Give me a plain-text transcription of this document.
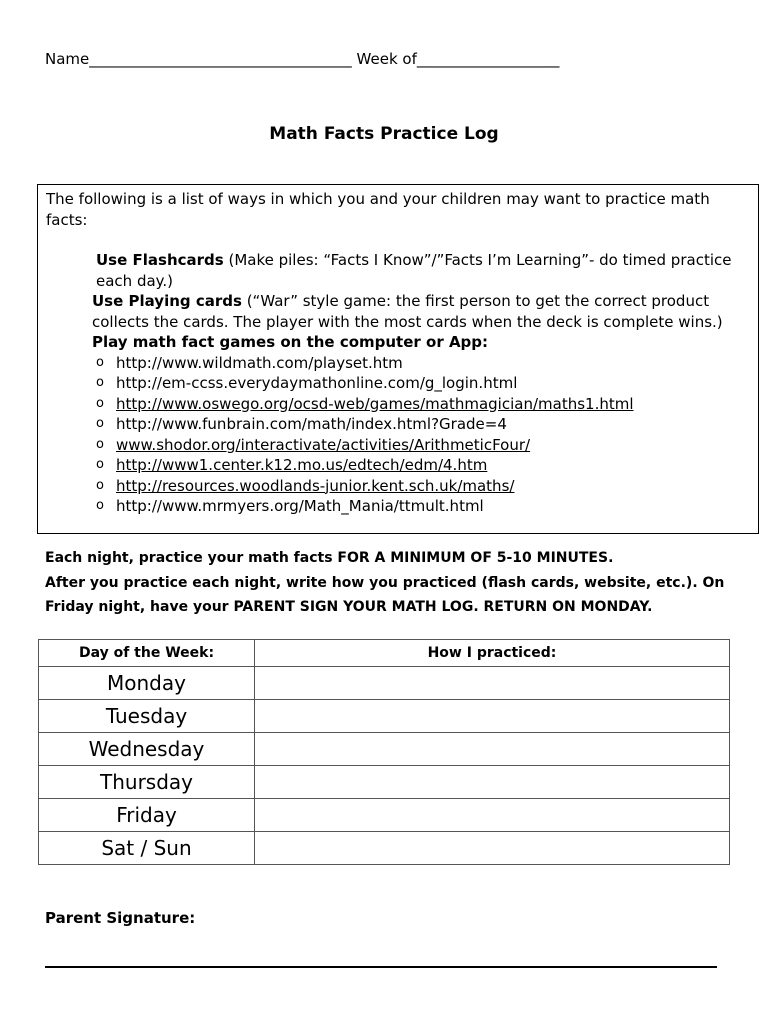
Name___________________________________ Week of___________________
Math Facts Practice Log
The following is a list of ways in which you and your children may want to practice math facts:
Use Flashcards (Make piles: “Facts I Know”/”Facts I’m Learning”- do timed practice each day.)
Use Playing cards (“War” style game: the first person to get the correct product collects the cards. The player with the most cards when the deck is complete wins.)
Play math fact games on the computer or App:
o http://www.wildmath.com/playset.htm
o http://em-ccss.everydaymathonline.com/g_login.html
o http://www.oswego.org/ocsd-web/games/mathmagician/maths1.html
o http://www.funbrain.com/math/index.html?Grade=4
o www.shodor.org/interactivate/activities/ArithmeticFour/
o http://www1.center.k12.mo.us/edtech/edm/4.htm
o http://resources.woodlands-junior.kent.sch.uk/maths/
o http://www.mrmyers.org/Math_Mania/ttmult.html
Each night, practice your math facts FOR A MINIMUM OF 5-10 MINUTES.
After you practice each night, write how you practiced (flash cards, website, etc.). On Friday night, have your PARENT SIGN YOUR MATH LOG. RETURN ON MONDAY.
Day of the Week:	How I practiced:
Monday	
Tuesday	
Wednesday	
Thursday	
Friday	
Sat / Sun	
Parent Signature:
